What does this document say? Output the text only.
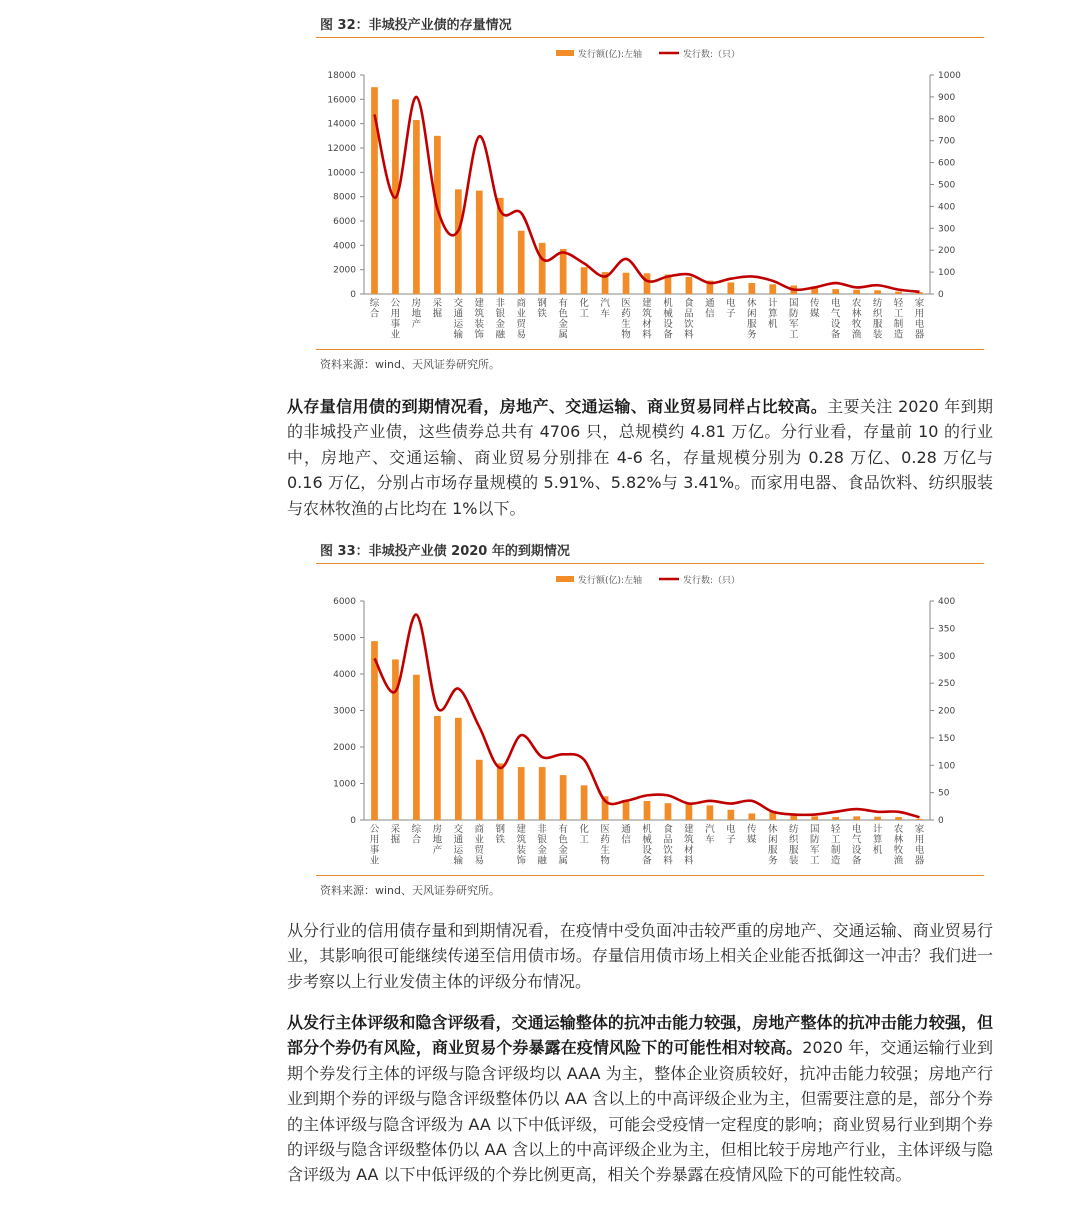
图 32：非城投产业债的存量情况
发行额(亿):左轴	发行数:（只）
0
2000
4000
6000
8000
10000
12000
14000
16000
18000
0
100
200
300
400
500
600
700
800
900
1000
综合
公用事业
房地产
采掘
交通运输
建筑装饰
非银金融
商业贸易
钢铁
有色金属
化工
汽车
医药生物
建筑材料
机械设备
食品饮料
通信
电子
休闲服务
计算机
国防军工
传媒
电气设备
农林牧渔
纺织服装
轻工制造
家用电器
资料来源：wind、天风证券研究所。

从存量信用债的到期情况看，房地产、交通运输、商业贸易同样占比较高。主要关注 2020 年到期的非城投产业债，这些债券总共有 4706 只，总规模约 4.81 万亿。分行业看，存量前 10 的行业中，房地产、交通运输、商业贸易分别排在 4-6 名，存量规模分别为 0.28 万亿、0.28 万亿与 0.16 万亿，分别占市场存量规模的 5.91%、5.82%与 3.41%。而家用电器、食品饮料、纺织服装与农林牧渔的占比均在 1%以下。

图 33：非城投产业债 2020 年的到期情况
发行额(亿):左轴	发行数:（只）
0
1000
2000
3000
4000
5000
6000
0
50
100
150
200
250
300
350
400
公用事业
采掘
综合
房地产
交通运输
商业贸易
钢铁
建筑装饰
非银金融
有色金属
化工
医药生物
通信
机械设备
食品饮料
建筑材料
汽车
电子
传媒
休闲服务
纺织服装
国防军工
轻工制造
电气设备
计算机
农林牧渔
家用电器
资料来源：wind、天风证券研究所。

从分行业的信用债存量和到期情况看，在疫情中受负面冲击较严重的房地产、交通运输、商业贸易行业，其影响很可能继续传递至信用债市场。存量信用债市场上相关企业能否抵御这一冲击？我们进一步考察以上行业发债主体的评级分布情况。

从发行主体评级和隐含评级看，交通运输整体的抗冲击能力较强，房地产整体的抗冲击能力较强，但部分个券仍有风险，商业贸易个券暴露在疫情风险下的可能性相对较高。2020 年，交通运输行业到期个券发行主体的评级与隐含评级均以 AAA 为主，整体企业资质较好，抗冲击能力较强；房地产行业到期个券的评级与隐含评级整体仍以 AA 含以上的中高评级企业为主，但需要注意的是，部分个券的主体评级与隐含评级为 AA 以下中低评级，可能会受疫情一定程度的影响；商业贸易行业到期个券的评级与隐含评级整体仍以 AA 含以上的中高评级企业为主，但相比较于房地产行业，主体评级与隐含评级为 AA 以下中低评级的个券比例更高，相关个券暴露在疫情风险下的可能性较高。
